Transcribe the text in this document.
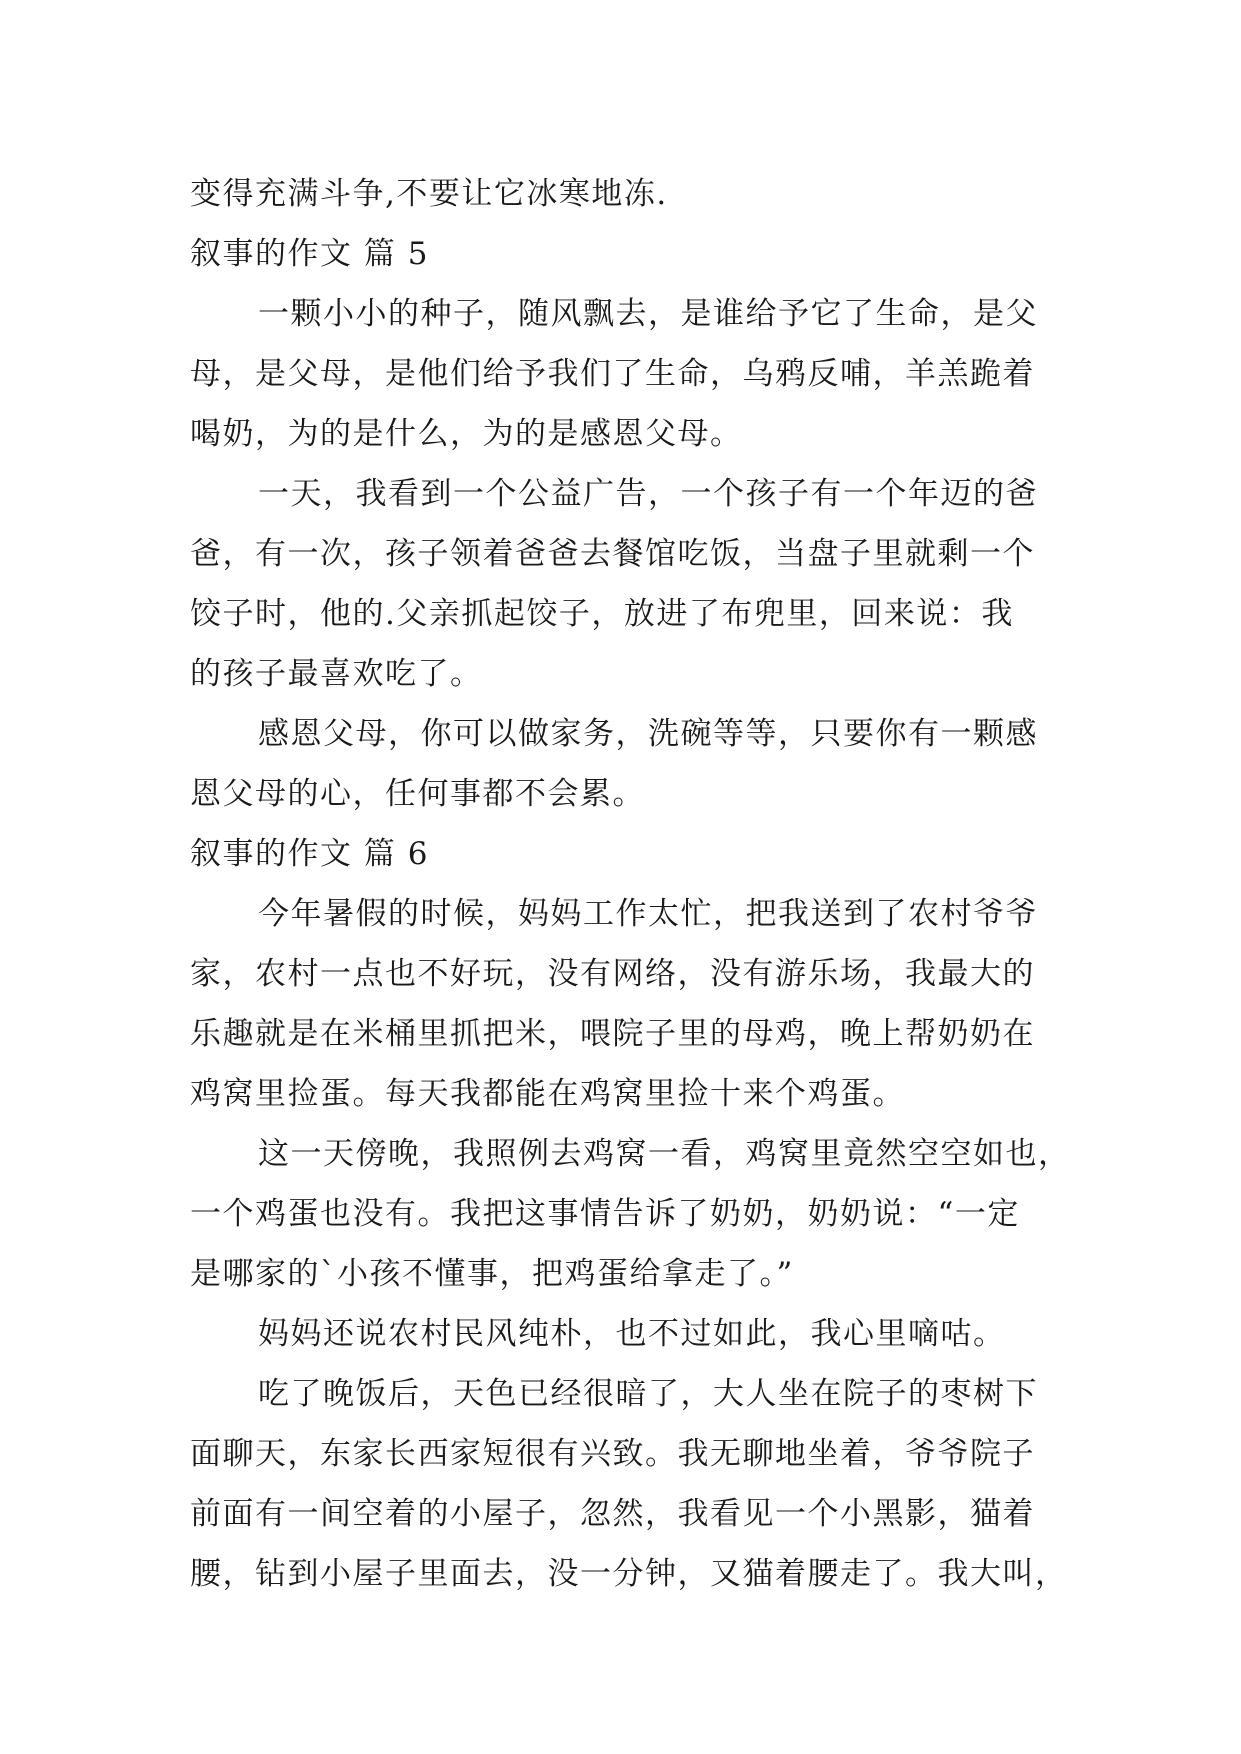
变得充满斗争,不要让它冰寒地冻.
叙事的作文 篇 5
一颗小小的种子，随风飘去，是谁给予它了生命，是父
母，是父母，是他们给予我们了生命，乌鸦反哺，羊羔跪着
喝奶，为的是什么，为的是感恩父母。
一天，我看到一个公益广告，一个孩子有一个年迈的爸
爸，有一次，孩子领着爸爸去餐馆吃饭，当盘子里就剩一个
饺子时，他的.父亲抓起饺子，放进了布兜里，回来说：我
的孩子最喜欢吃了。
感恩父母，你可以做家务，洗碗等等，只要你有一颗感
恩父母的心，任何事都不会累。
叙事的作文 篇 6
今年暑假的时候，妈妈工作太忙，把我送到了农村爷爷
家，农村一点也不好玩，没有网络，没有游乐场，我最大的
乐趣就是在米桶里抓把米，喂院子里的母鸡，晚上帮奶奶在
鸡窝里捡蛋。每天我都能在鸡窝里捡十来个鸡蛋。
这一天傍晚，我照例去鸡窝一看，鸡窝里竟然空空如也，
一个鸡蛋也没有。我把这事情告诉了奶奶，奶奶说：“一定
是哪家的`小孩不懂事，把鸡蛋给拿走了。”
妈妈还说农村民风纯朴，也不过如此，我心里嘀咕。
吃了晚饭后，天色已经很暗了，大人坐在院子的枣树下
面聊天，东家长西家短很有兴致。我无聊地坐着，爷爷院子
前面有一间空着的小屋子，忽然，我看见一个小黑影，猫着
腰，钻到小屋子里面去，没一分钟，又猫着腰走了。我大叫，
